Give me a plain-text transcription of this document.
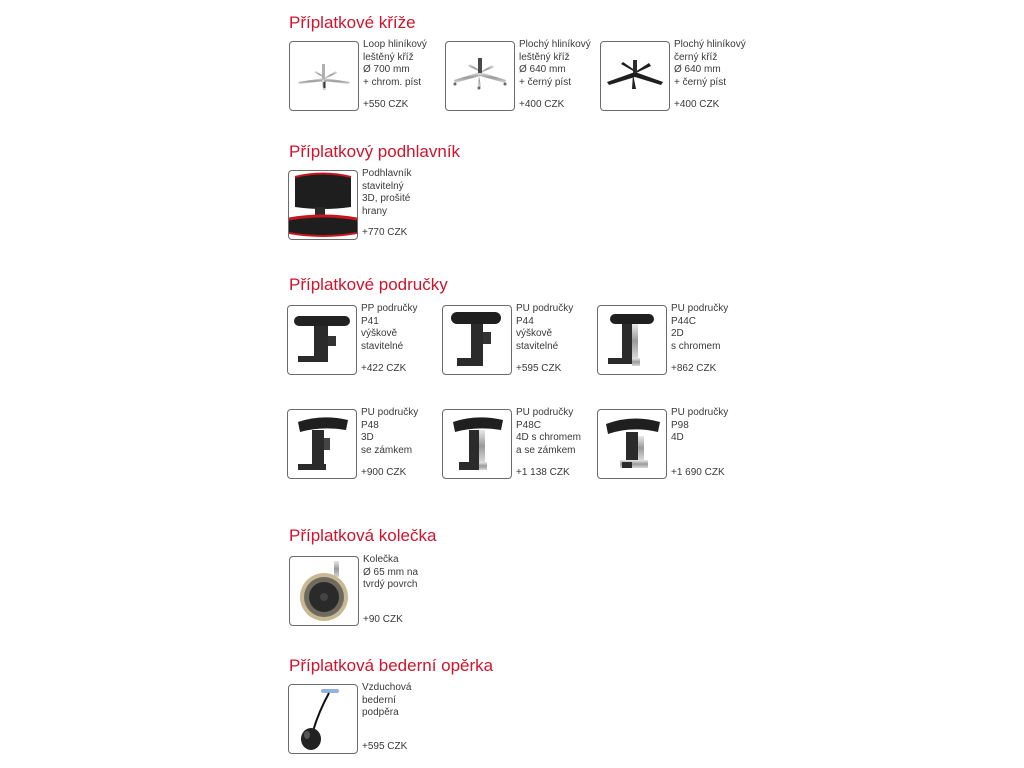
Příplatkové kříže
Loop hliníkový
leštěný kříž
Ø 700 mm
+ chrom. píst
+550 CZK
Plochý hliníkový
leštěný kříž
Ø 640 mm
+ černý píst
+400 CZK
Plochý hliníkový
černý kříž
Ø 640 mm
+ černý píst
+400 CZK
Příplatkový podhlavník
Podhlavník
stavitelný
3D, prošité
hrany
+770 CZK
Příplatkové područky
PP područky
P41
výškově
stavitelné
+422 CZK
PU područky
P44
výškově
stavitelné
+595 CZK
PU područky
P44C
2D
s chromem
+862 CZK
PU područky
P48
3D
se zámkem
+900 CZK
PU područky
P48C
4D s chromem
a se zámkem
+1 138 CZK
PU područky
P98
4D
+1 690 CZK
Příplatková kolečka
Kolečka
Ø 65 mm na
tvrdý povrch
+90 CZK
Příplatková bederní opěrka
Vzduchová
bederní
podpěra
+595 CZK
